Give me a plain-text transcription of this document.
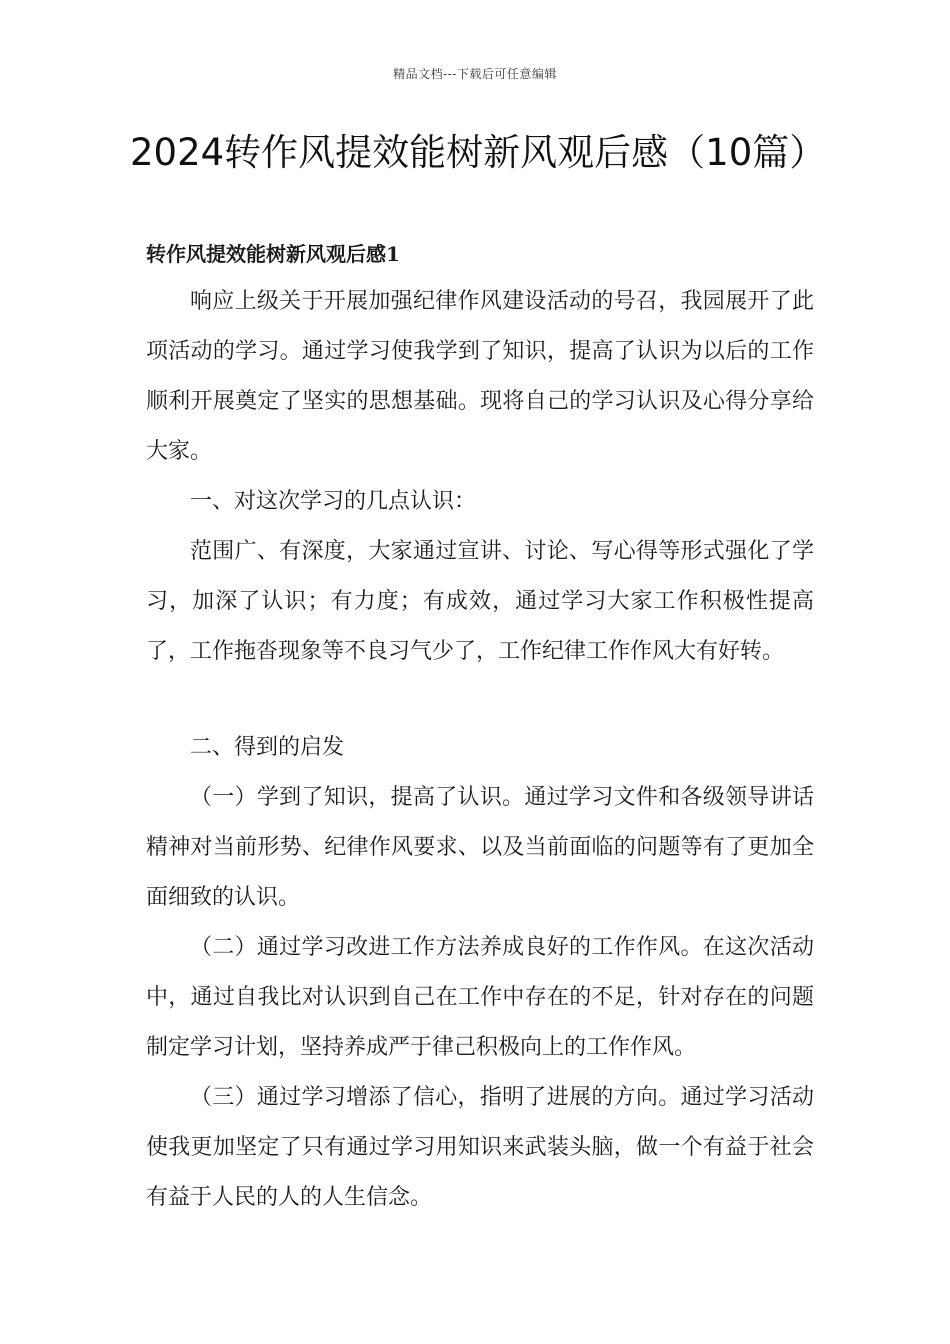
精品文档---下载后可任意编辑
2024转作风提效能树新风观后感（10篇）
转作风提效能树新风观后感1

响应上级关于开展加强纪律作风建设活动的号召，我园展开了此项活动的学习。通过学习使我学到了知识，提高了认识为以后的工作顺利开展奠定了坚实的思想基础。现将自己的学习认识及心得分享给大家。

一、对这次学习的几点认识：

范围广、有深度，大家通过宣讲、讨论、写心得等形式强化了学习，加深了认识；有力度；有成效，通过学习大家工作积极性提高了，工作拖沓现象等不良习气少了，工作纪律工作作风大有好转。

二、得到的启发

（一）学到了知识，提高了认识。通过学习文件和各级领导讲话精神对当前形势、纪律作风要求、以及当前面临的问题等有了更加全面细致的认识。

（二）通过学习改进工作方法养成良好的工作作风。在这次活动中，通过自我比对认识到自己在工作中存在的不足，针对存在的问题制定学习计划，坚持养成严于律己积极向上的工作作风。

（三）通过学习增添了信心，指明了进展的方向。通过学习活动使我更加坚定了只有通过学习用知识来武装头脑，做一个有益于社会有益于人民的人的人生信念。
